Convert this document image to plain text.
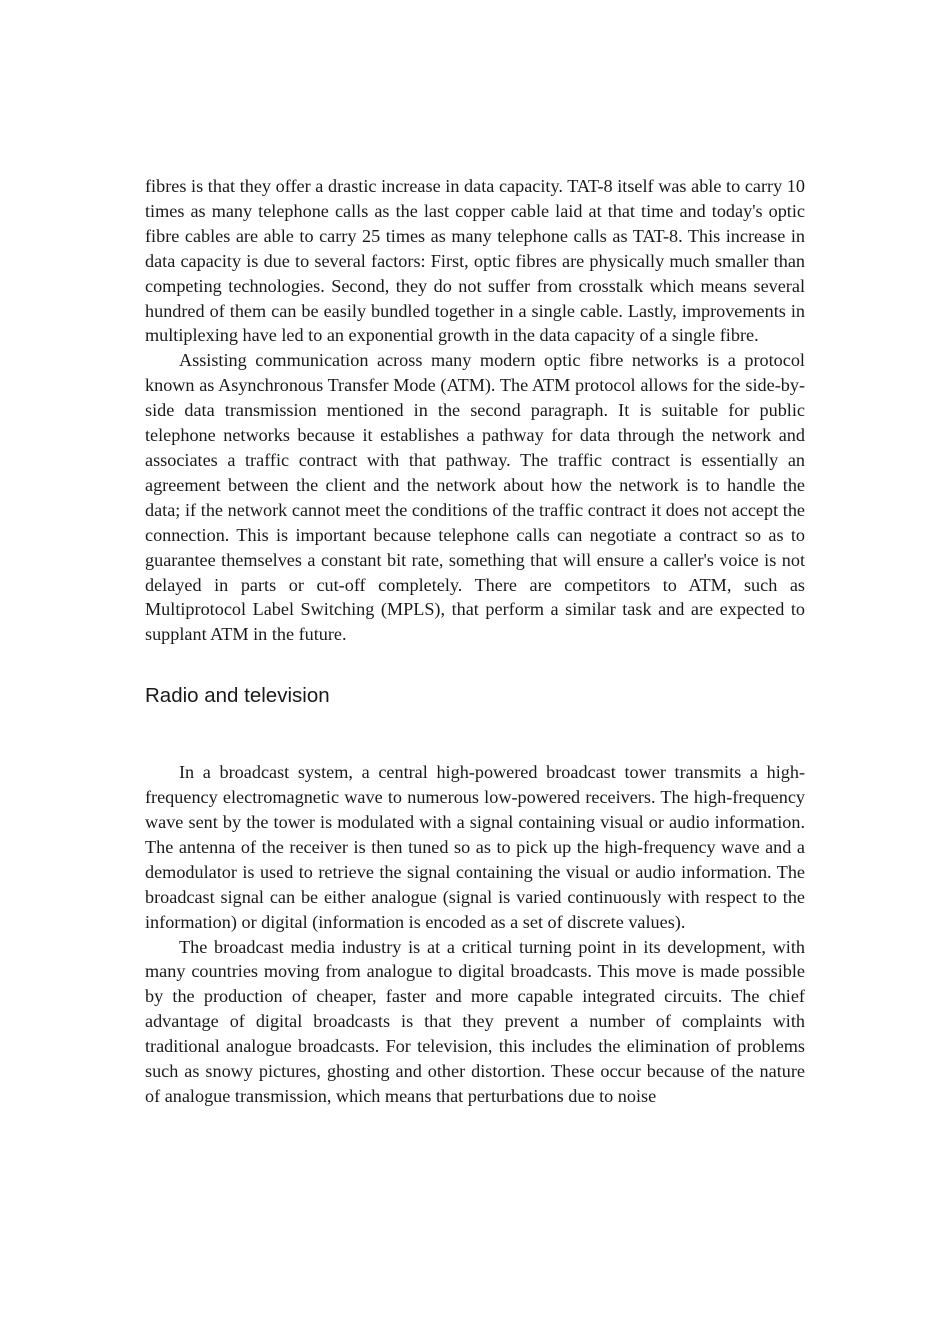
fibres is that they offer a drastic increase in data capacity. TAT-8 itself was able to carry 10 times as many telephone calls as the last copper cable laid at that time and today's optic fibre cables are able to carry 25 times as many telephone calls as TAT-8. This increase in data capacity is due to several factors: First, optic fibres are physically much smaller than competing technologies. Second, they do not suffer from crosstalk which means several hundred of them can be easily bundled together in a single cable. Lastly, improvements in multiplexing have led to an exponential growth in the data capacity of a single fibre.

Assisting communication across many modern optic fibre networks is a protocol known as Asynchronous Transfer Mode (ATM). The ATM protocol allows for the side-by-side data transmission mentioned in the second paragraph. It is suitable for public telephone networks because it establishes a pathway for data through the network and associates a traffic contract with that pathway. The traffic contract is essentially an agreement between the client and the network about how the network is to handle the data; if the network cannot meet the conditions of the traffic contract it does not accept the connection. This is important because telephone calls can negotiate a contract so as to guarantee themselves a constant bit rate, something that will ensure a caller's voice is not delayed in parts or cut-off completely. There are competitors to ATM, such as Multiprotocol Label Switching (MPLS), that perform a similar task and are expected to supplant ATM in the future.

Radio and television

In a broadcast system, a central high-powered broadcast tower transmits a high-frequency electromagnetic wave to numerous low-powered receivers. The high-frequency wave sent by the tower is modulated with a signal containing visual or audio information. The antenna of the receiver is then tuned so as to pick up the high-frequency wave and a demodulator is used to retrieve the signal containing the visual or audio information. The broadcast signal can be either analogue (signal is varied continuously with respect to the information) or digital (information is encoded as a set of discrete values).

The broadcast media industry is at a critical turning point in its development, with many countries moving from analogue to digital broadcasts. This move is made possible by the production of cheaper, faster and more capable integrated circuits. The chief advantage of digital broadcasts is that they prevent a number of complaints with traditional analogue broadcasts. For television, this includes the elimination of problems such as snowy pictures, ghosting and other distortion. These occur because of the nature of analogue transmission, which means that perturbations due to noise
